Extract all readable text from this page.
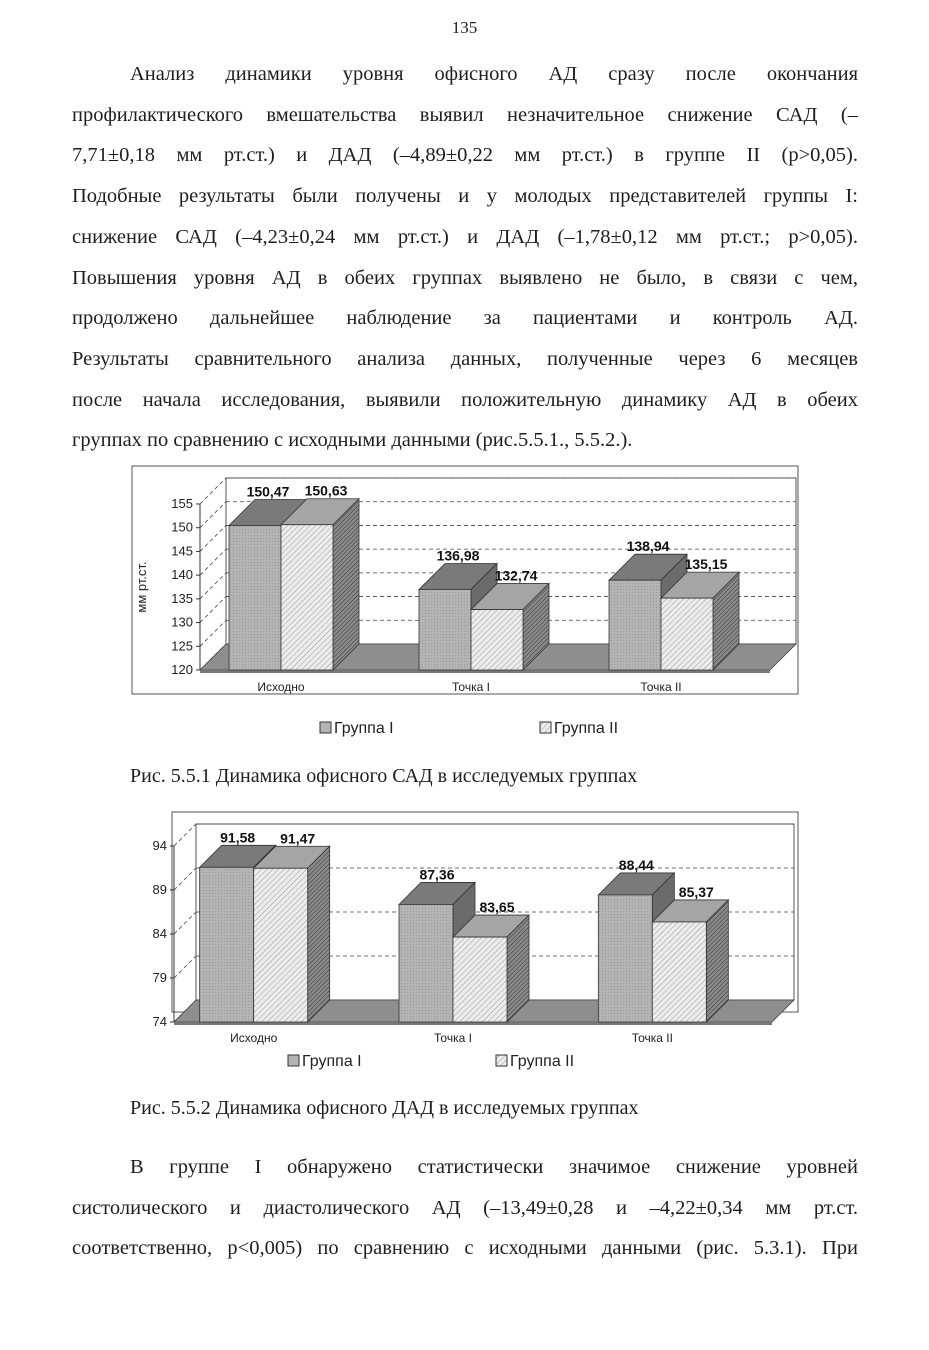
135

Анализ динамики уровня офисного АД сразу после окончания
профилактического вмешательства выявил незначительное снижение САД (–
7,71±0,18 мм рт.ст.) и ДАД (–4,89±0,22 мм рт.ст.) в группе II (p>0,05).
Подобные результаты были получены и у молодых представителей группы I:
снижение САД (–4,23±0,24 мм рт.ст.) и ДАД (–1,78±0,12 мм рт.ст.; p>0,05).
Повышения уровня АД в обеих группах выявлено не было, в связи с чем,
продолжено дальнейшее наблюдение за пациентами и контроль АД.
Результаты сравнительного анализа данных, полученные через 6 месяцев
после начала исследования, выявили положительную динамику АД в обеих
группах по сравнению с исходными данными (рис.5.5.1., 5.5.2.).

120
125
130
135
140
145
150
155
мм рт.ст.
150,47 150,63
Исходно
136,98
132,74
Точка I
138,94
135,15
Точка II
Группа I	Группа II
Рис. 5.5.1 Динамика офисного САД в исследуемых группах
74
79
84
89
94
91,58 91,47
Исходно
87,36
83,65
Точка I
88,44
85,37
Точка II
Группа I	Группа II
Рис. 5.5.2 Динамика офисного ДАД в исследуемых группах

В группе I обнаружено статистически значимое снижение уровней
систолического и диастолического АД (–13,49±0,28 и –4,22±0,34 мм рт.ст.
соответственно, p<0,005) по сравнению с исходными данными (рис. 5.3.1). При
